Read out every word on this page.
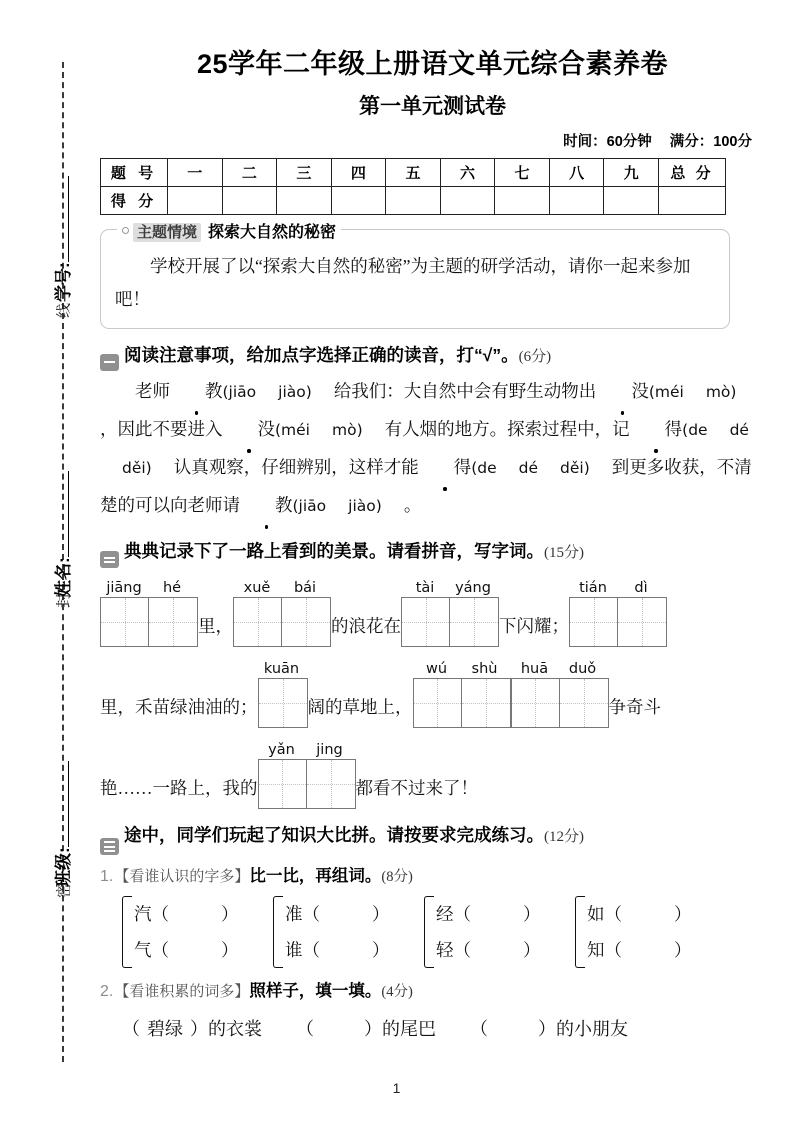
学号:
线
姓名:
封
班级:
密
25学年二年级上册语文单元综合素养卷
第一单元测试卷
时间：60分钟 满分：100分
题 号	一	二	三	四	五	六	七	八	九	总 分
得 分										
主题情境 探索大自然的秘密
学校开展了以“探索大自然的秘密”为主题的研学活动，请你一起来参加吧！
阅读注意事项，给加点字选择正确的读音，打“√”。 (6分)
老师 教(jiāo jiào) 给我们：大自然中会有野生动物出 没(méi mò)，因此不要进入 没(méi mò) 有人烟的地方。探索过程中，记 得(de déděi) 认真观察，仔细辨别，这样才能 得(de dé děi) 到更多收获，不清楚的可以向老师请 教(jiāo jiào) 。
典典记录下了一路上看到的美景。请看拼音，写字词。 (15分)
jiāng	hé
里，
xuě	bái
的浪花在
tài	yáng
下闪耀；
tián	dì
里，禾苗绿油油的；
kuān
阔的草地上，
wú	shù	huā	duǒ
争奇斗
艳……一路上，我的
yǎn	jing
都看不过来了！
途中，同学们玩起了知识大比拼。请按要求完成练习。 (12分)
1. 【看谁认识的字多】 比一比，再组词。 (8分)
汽（	）
气（	）
准（	）
谁（	）
经（	）
轻（	）
如（	）
知（	）
2. 【看谁积累的词多】 照样子，填一填。 (4分)
（ 碧绿 ）的衣裳 （	）的尾巴 （	）的小朋友
1
